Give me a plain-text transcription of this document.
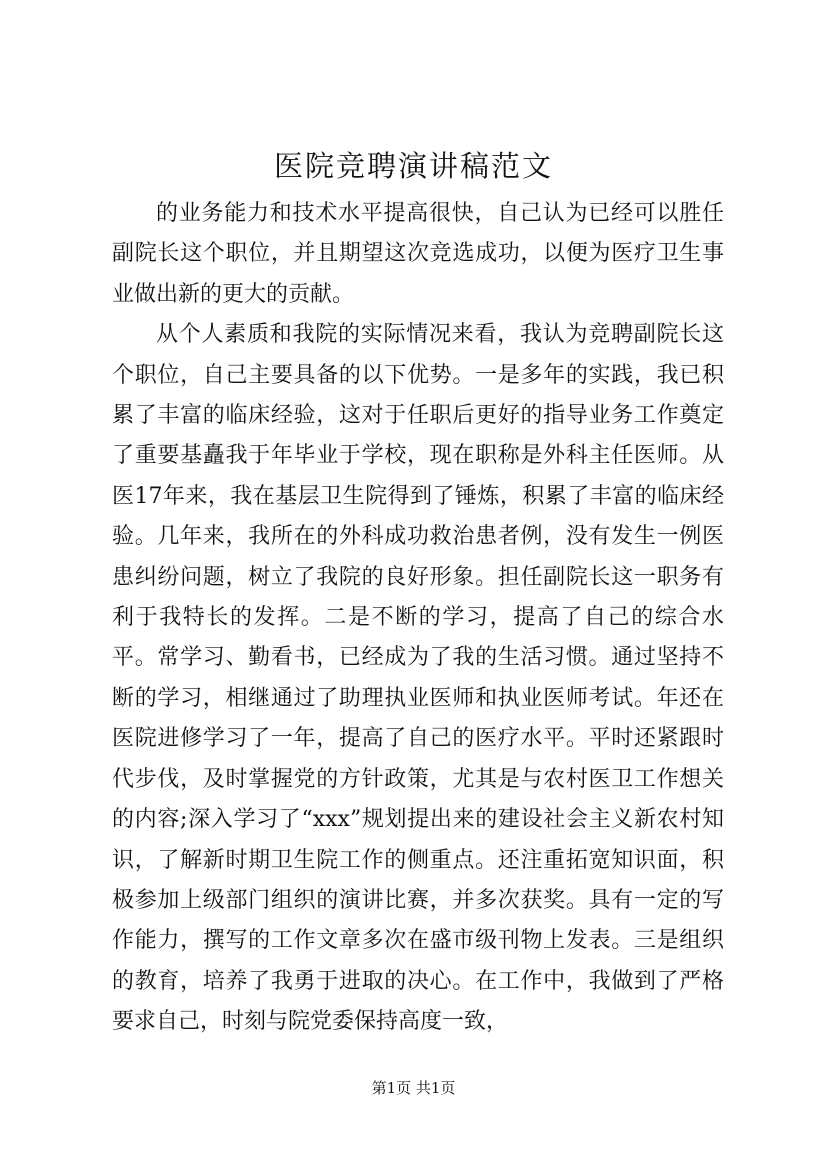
医院竞聘演讲稿范文

的业务能力和技术水平提高很快，自己认为已经可以胜任副院长这个职位，并且期望这次竞选成功，以便为医疗卫生事业做出新的更大的贡献。

从个人素质和我院的实际情况来看，我认为竞聘副院长这个职位，自己主要具备的以下优势。一是多年的实践，我已积累了丰富的临床经验，这对于任职后更好的指导业务工作奠定了重要基矗我于年毕业于学校，现在职称是外科主任医师。从医17年来，我在基层卫生院得到了锤炼，积累了丰富的临床经验。几年来，我所在的外科成功救治患者例，没有发生一例医患纠纷问题，树立了我院的良好形象。担任副院长这一职务有利于我特长的发挥。二是不断的学习，提高了自己的综合水平。常学习、勤看书，已经成为了我的生活习惯。通过坚持不断的学习，相继通过了助理执业医师和执业医师考试。年还在医院进修学习了一年，提高了自己的医疗水平。平时还紧跟时代步伐，及时掌握党的方针政策，尤其是与农村医卫工作想关的内容;深入学习了“xxx”规划提出来的建设社会主义新农村知识，了解新时期卫生院工作的侧重点。还注重拓宽知识面，积极参加上级部门组织的演讲比赛，并多次获奖。具有一定的写作能力，撰写的工作文章多次在盛市级刊物上发表。三是组织的教育，培养了我勇于进取的决心。在工作中，我做到了严格要求自己，时刻与院党委保持高度一致，

第1页 共1页
